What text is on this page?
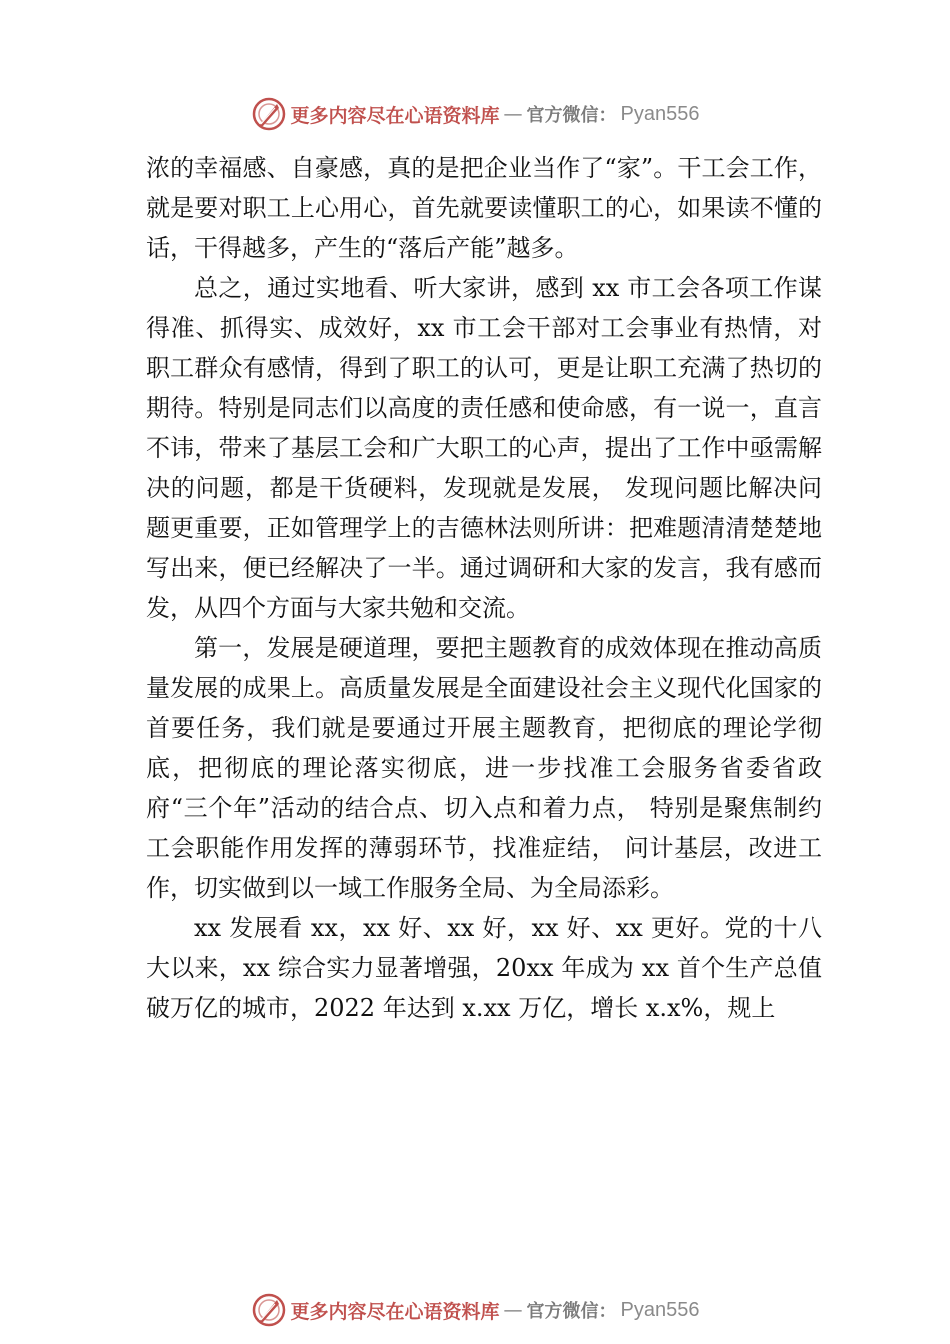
更多内容尽在心语资料库 — 官方微信： Pyan556

浓的幸福感、自豪感，真的是把企业当作了“家”。干工会工作，就是要对职工上心用心，首先就要读懂职工的心，如果读不懂的话，干得越多，产生的“落后产能”越多。

总之，通过实地看、听大家讲，感到 xx 市工会各项工作谋得准、抓得实、成效好，xx 市工会干部对工会事业有热情，对职工群众有感情，得到了职工的认可，更是让职工充满了热切的期待。特别是同志们以高度的责任感和使命感，有一说一，直言不讳，带来了基层工会和广大职工的心声，提出了工作中亟需解决的问题，都是干货硬料，发现就是发展， 发现问题比解决问题更重要，正如管理学上的吉德林法则所讲：把难题清清楚楚地写出来，便已经解决了一半。通过调研和大家的发言，我有感而发，从四个方面与大家共勉和交流。

第一，发展是硬道理，要把主题教育的成效体现在推动高质量发展的成果上。高质量发展是全面建设社会主义现代化国家的首要任务，我们就是要通过开展主题教育，把彻底的理论学彻底，把彻底的理论落实彻底，进一步找准工会服务省委省政府“三个年”活动的结合点、切入点和着力点， 特别是聚焦制约工会职能作用发挥的薄弱环节，找准症结， 问计基层，改进工作，切实做到以一域工作服务全局、为全局添彩。

xx 发展看 xx，xx 好、xx 好，xx 好、xx 更好。党的十八大以来，xx 综合实力显著增强，20xx 年成为 xx 首个生产总值破万亿的城市，2022 年达到 x.xx 万亿，增长 x.x%，规上

更多内容尽在心语资料库 — 官方微信： Pyan556
